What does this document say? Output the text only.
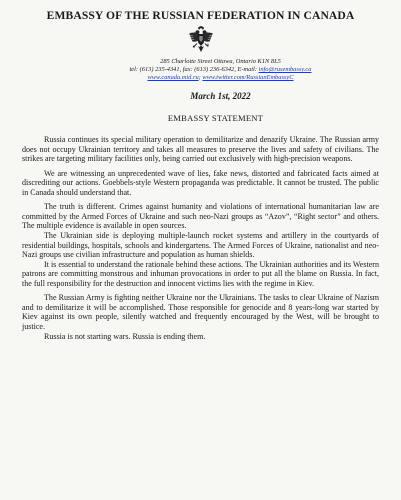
EMBASSY OF THE RUSSIAN FEDERATION IN CANADA
285 Charlotte Street Ottawa, Ontario K1N 8L5
tel: (613) 235-4341, fax: (613) 236-6342, E-mail: info@rusembassy.ca
www.canada.mid.ru; www.twitter.com/RussianEmbassyC
March 1st, 2022
EMBASSY STATEMENT

Russia continues its special military operation to demilitarize and denazify Ukraine. The Russian army does not occupy Ukrainian territory and takes all measures to preserve the lives and safety of civilians. The strikes are targeting military facilities only, being carried out exclusively with high-precision weapons.

We are witnessing an unprecedented wave of lies, fake news, distorted and fabricated facts aimed at discrediting our actions. Goebbels-style Western propaganda was predictable. It cannot be trusted. The public in Canada should understand that.

The truth is different. Crimes against humanity and violations of international humanitarian law are committed by the Armed Forces of Ukraine and such neo-Nazi groups as “Azov”, “Right sector” and others. The multiple evidence is available in open sources.

The Ukrainian side is deploying multiple-launch rocket systems and artillery in the courtyards of residential buildings, hospitals, schools and kindergartens. The Armed Forces of Ukraine, nationalist and neo-Nazi groups use civilian infrastructure and population as human shields.

It is essential to understand the rationale behind these actions. The Ukrainian authorities and its Western patrons are committing monstrous and inhuman provocations in order to put all the blame on Russia. In fact, the full responsibility for the destruction and innocent victims lies with the regime in Kiev.

The Russian Army is fighting neither Ukraine nor the Ukrainians. The tasks to clear Ukraine of Nazism and to demilitarize it will be accomplished. Those responsible for genocide and 8 years-long war started by Kiev against its own people, silently watched and frequently encouraged by the West, will be brought to justice.

Russia is not starting wars. Russia is ending them.
